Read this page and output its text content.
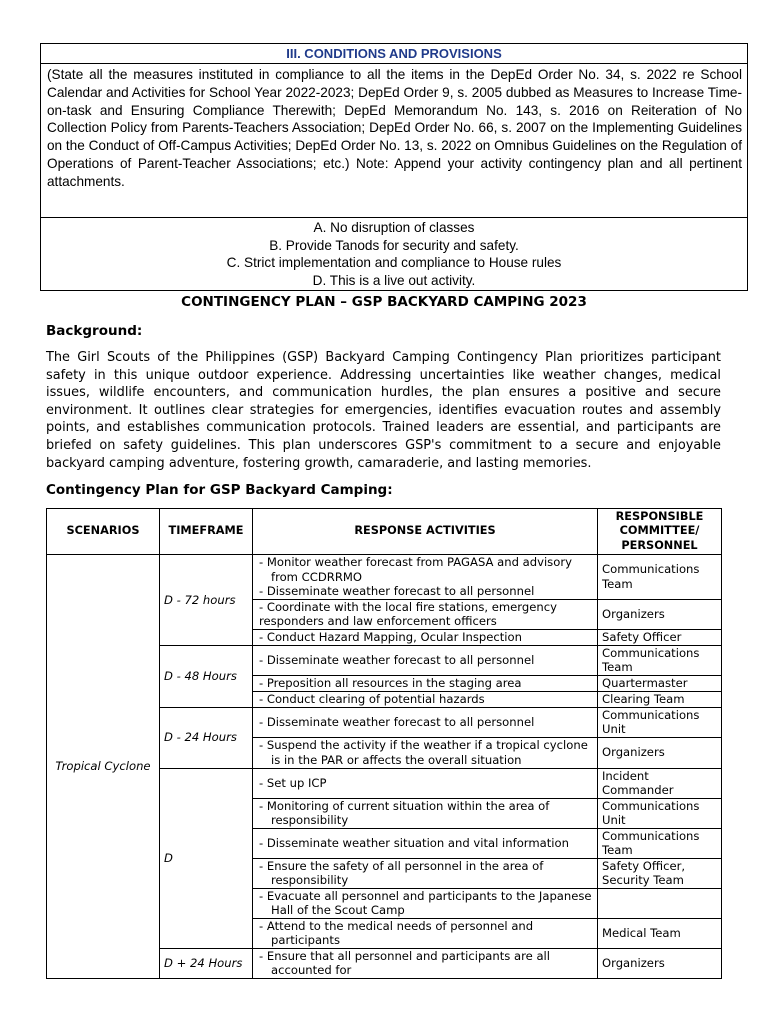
III. CONDITIONS AND PROVISIONS
(State all the measures instituted in compliance to all the items in the DepEd Order No. 34, s. 2022 re School Calendar and Activities for School Year 2022-2023; DepEd Order 9, s. 2005 dubbed as Measures to Increase Time-on-task and Ensuring Compliance Therewith; DepEd Memorandum No. 143, s. 2016 on Reiteration of No Collection Policy from Parents-Teachers Association; DepEd Order No. 66, s. 2007 on the Implementing Guidelines on the Conduct of Off-Campus Activities; DepEd Order No. 13, s. 2022 on Omnibus Guidelines on the Regulation of Operations of Parent-Teacher Associations; etc.) Note: Append your activity contingency plan and all pertinent attachments.
A. No disruption of classes
B. Provide Tanods for security and safety.
C. Strict implementation and compliance to House rules
D. This is a live out activity.
CONTINGENCY PLAN – GSP BACKYARD CAMPING 2023
Background:
The Girl Scouts of the Philippines (GSP) Backyard Camping Contingency Plan prioritizes participant safety in this unique outdoor experience. Addressing uncertainties like weather changes, medical issues, wildlife encounters, and communication hurdles, the plan ensures a positive and secure environment. It outlines clear strategies for emergencies, identifies evacuation routes and assembly points, and establishes communication protocols. Trained leaders are essential, and participants are briefed on safety guidelines. This plan underscores GSP's commitment to a secure and enjoyable backyard camping adventure, fostering growth, camaraderie, and lasting memories.
Contingency Plan for GSP Backyard Camping:
SCENARIOS	TIMEFRAME	RESPONSE ACTIVITIES	RESPONSIBLE
COMMITTEE/
PERSONNEL

Tropical Cyclone	D - 72 hours	- Monitor weather forecast from PAGASA and advisory
from CCDRRMO
- Disseminate weather forecast to all personnel	Communications
Team

		- Coordinate with the local fire stations, emergency
responders and law enforcement officers	Organizers
		- Conduct Hazard Mapping, Ocular Inspection	Safety Officer
	D - 48 Hours	- Disseminate weather forecast to all personnel	Communications
Team

		- Preposition all resources in the staging area	Quartermaster
		- Conduct clearing of potential hazards	Clearing Team
	D - 24 Hours	- Disseminate weather forecast to all personnel	Communications
Unit

		- Suspend the activity if the weather if a tropical cyclone
is in the PAR or affects the overall situation	Organizers
	D	- Set up ICP	Incident
Commander

		- Monitoring of current situation within the area of
responsibility	Communications
Unit

		- Disseminate weather situation and vital information	Communications
Team

		- Ensure the safety of all personnel in the area of
responsibility	Safety Officer,
Security Team

		- Evacuate all personnel and participants to the Japanese
Hall of the Scout Camp	

		- Attend to the medical needs of personnel and
participants	Medical Team
	D + 24 Hours	- Ensure that all personnel and participants are all
accounted for	Organizers
